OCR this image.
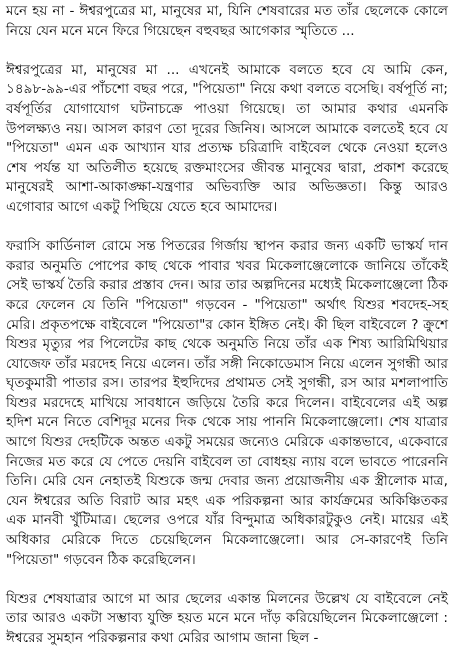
মনে হয় না - ঈশ্বরপুত্রের মা, মানুষের মা, যিনি শেষবারের মত তাঁর ছেলেকে কোলে নিয়ে যেন মনে মনে ফিরে গিয়েছেন বহুবছর আগেকার স্মৃতিতে ...

ঈশ্বরপুত্রের মা, মানুষের মা ... এখনেই আমাকে বলতে হবে যে আমি কেন, ১৪৯৮-৯৯-এর পাঁচশো বছর পরে, "পিয়েতা" নিয়ে কথা বলতে বসেছি। বর্ষপূর্তি না; বর্ষপূর্তির যোগাযোগ ঘটনাচক্রে পাওয়া গিয়েছে। তা আমার কথার এমনকি উপলক্ষ্যও নয়। আসল কারণ তো দূরের জিনিষ। আসলে আমাকে বলতেই হবে যে "পিয়েতা" এমন এক আখ্যান যার প্রত্যক্ষ চরিত্রাদি বাইবেল থেকে নেওয়া হলেও শেষ পর্যন্ত যা অতিলীত হয়েছে রক্তমাংসের জীবন্ত মানুষের দ্বারা, প্রকাশ করেছে মানুষেরই আশা-আকাঙ্ক্ষা-যন্ত্রণার অভিব্যক্তি আর অভিজ্ঞতা। কিন্তু আরও এগোবার আগে একটু পিছিয়ে যেতে হবে আমাদের।

ফরাসি কার্ডিনাল রোমে সন্ত পিতরের গির্জায় স্থাপন করার জন্য একটি ভাস্কর্য দান করার অনুমতি পোপের কাছ থেকে পাবার খবর মিকেলাঞ্জেলোকে জানিয়ে তাঁকেই সেই ভাস্কর্য তৈরি করার প্রস্তাব দেন। আর তার অল্পদিনের মধ্যেই মিকেলাঞ্জেলো ঠিক করে ফেলেন যে তিনি "পিয়েতা" গড়বেন - "পিয়েতা" অর্থাৎ যিশুর শবদেহ-সহ মেরি। প্রকৃতপক্ষে বাইবেলে "পিয়েতা"র কোন ইঙ্গিত নেই। কী ছিল বাইবেলে ? ক্রুশে যিশুর মৃত্যুর পর পিলেটের কাছ থেকে অনুমতি নিয়ে তাঁর এক শিষ্য আরিমিথিয়ার যোজেফ তাঁর মরদেহ নিয়ে এলেন। তাঁর সঙ্গী নিকোডেমাস নিয়ে এলেন সুগন্ধী আর ঘৃতকুমারী পাতার রস। তারপর ইহুদিদের প্রথামত সেই সুগন্ধী, রস আর মশলাপাতি যিশুর মরদেহে মাখিয়ে সাবধানে জড়িয়ে তৈরি করে দিলেন। বাইবেলের এই অল্প হদিশ মনে নিতে বেশিদূর মনের দিক থেকে সায় পাননি মিকেলাঞ্জেলো। শেষ যাত্রার আগে যিশুর দেহটিকে অন্তত একটু সময়ের জন্যেও মেরিকে একান্তভাবে, একেবারে নিজের মত করে যে পেতে দেয়নি বাইবেল তা বোধহয় ন্যায় বলে ভাবতে পারেননি তিনি। মেরি যেন নেহাতই যিশুকে জন্ম দেবার জন্য প্রয়োজনীয় এক স্ত্রীলোক মাত্র, যেন ঈশ্বরের অতি বিরাট আর মহৎ এক পরিকল্পনা আর কার্যক্রমের অকিঞ্চিতকর এক মানবী খুঁটিমাত্র। ছেলের ওপরে যাঁর বিন্দুমাত্র অধিকারটুকুও নেই। মায়ের এই অধিকার মেরিকে দিতে চেয়েছিলেন মিকেলাঞ্জেলো। আর সে-কারণেই তিনি "পিয়েতা" গড়বেন ঠিক করেছিলেন।

যিশুর শেষযাত্রার আগে মা আর ছেলের একান্ত মিলনের উল্লেখ যে বাইবেলে নেই তার আরও একটা সম্ভাব্য যুক্তি হয়ত মনে মনে দাঁড় করিয়েছিলেন মিকেলাঞ্জেলো : ঈশ্বরের সুমহান পরিকল্পনার কথা মেরির আগাম জানা ছিল -
